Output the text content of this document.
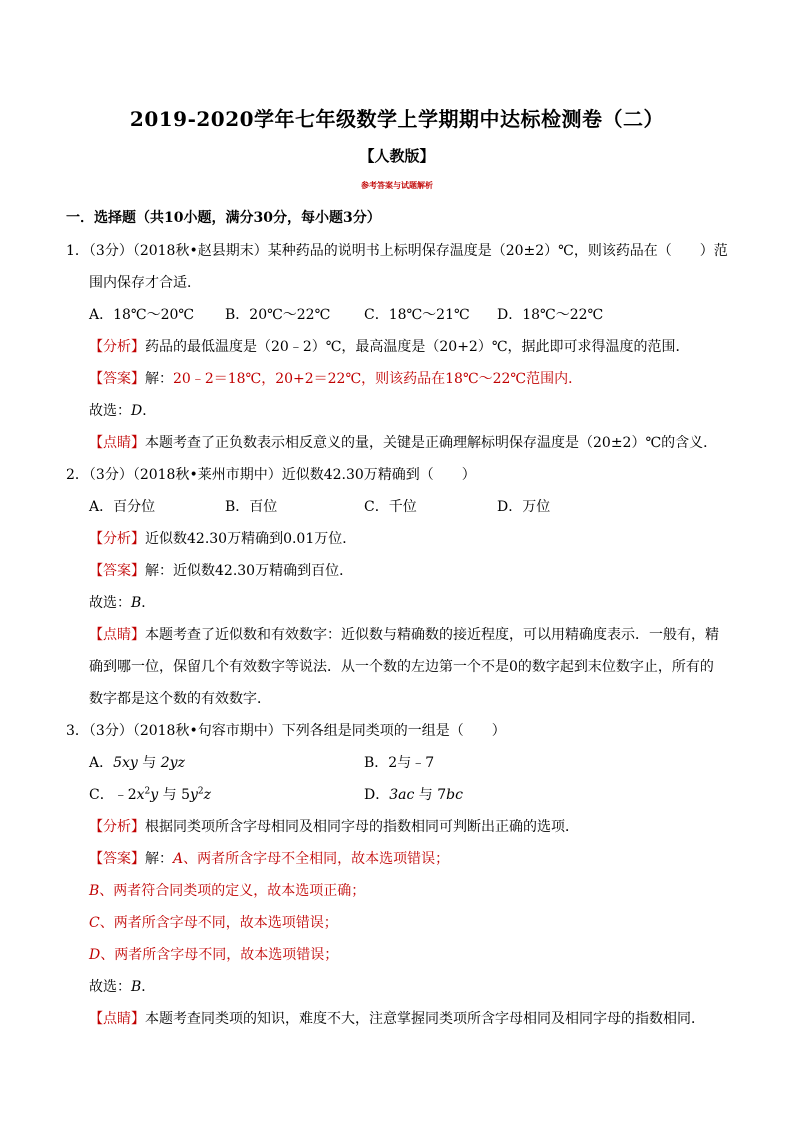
2019-2020学年七年级数学上学期期中达标检测卷（二）
【人教版】
参考答案与试题解析
一．选择题（共10小题，满分30分，每小题3分）
1．（3分）（2018秋•赵县期末）某种药品的说明书上标明保存温度是（20±2）℃，则该药品在（　　）范
围内保存才合适．
A．18℃～20℃ B．20℃～22℃ C．18℃～21℃ D．18℃～22℃
【分析】药品的最低温度是（20﹣2）℃，最高温度是（20+2）℃，据此即可求得温度的范围．
【答案】解：20﹣2＝18℃，20+2＝22℃，则该药品在18℃～22℃范围内．
故选：D．
【点睛】本题考查了正负数表示相反意义的量，关键是正确理解标明保存温度是（20±2）℃的含义．
2．（3分）（2018秋•莱州市期中）近似数42.30万精确到（　　）
A．百分位	B．百位	C．千位	D．万位
【分析】近似数42.30万精确到0.01万位．
【答案】解：近似数42.30万精确到百位．
故选：B．
【点睛】本题考查了近似数和有效数字：近似数与精确数的接近程度，可以用精确度表示．一般有，精
确到哪一位，保留几个有效数字等说法．从一个数的左边第一个不是0的数字起到末位数字止，所有的
数字都是这个数的有效数字．
3．（3分）（2018秋•句容市期中）下列各组是同类项的一组是（　　）
A．5xy 与 2yz	B．2与﹣7
C．$﹣2x^2y$ 与 $5y^2z$	D．3ac 与 7bc
【分析】根据同类项所含字母相同及相同字母的指数相同可判断出正确的选项．
【答案】解：A、两者所含字母不全相同，故本选项错误；
B、两者符合同类项的定义，故本选项正确；
C、两者所含字母不同，故本选项错误；
D、两者所含字母不同，故本选项错误；
故选：B．
【点睛】本题考查同类项的知识，难度不大，注意掌握同类项所含字母相同及相同字母的指数相同．
